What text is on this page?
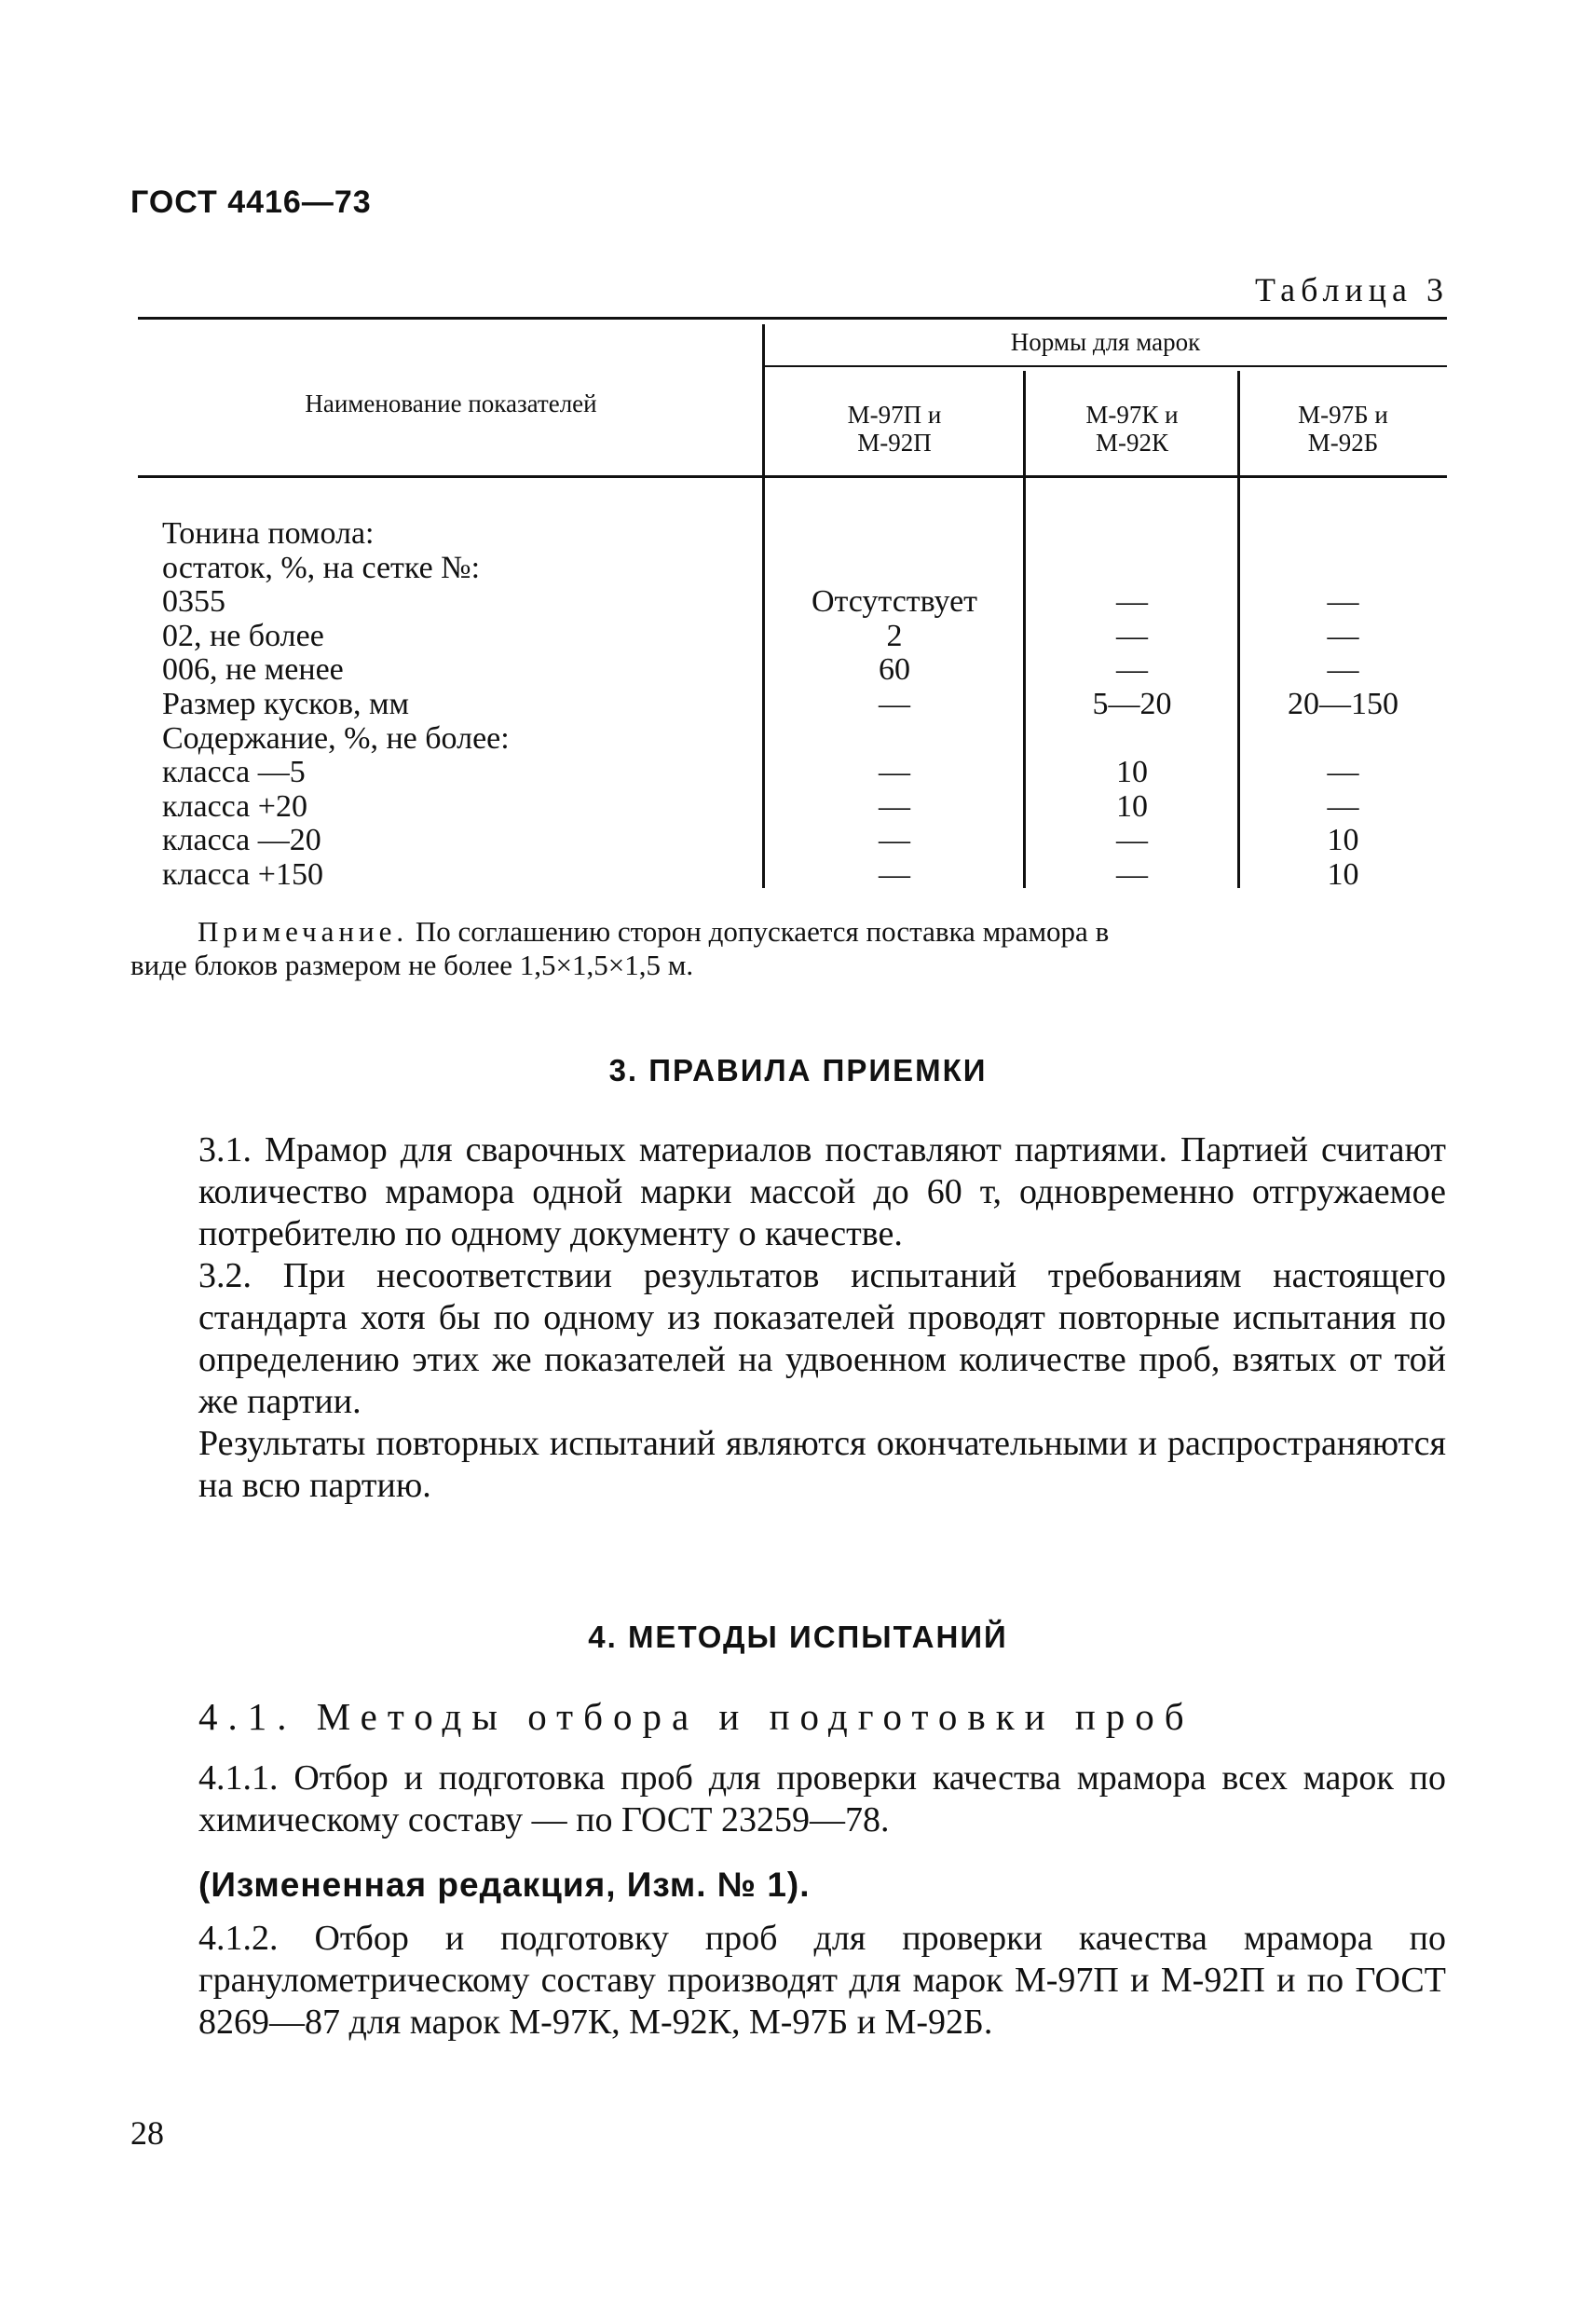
ГОСТ 4416—73
Таблица 3
Наименование показателей
Нормы для марок
М-97П и
М-92П
М-97К и
М-92К
М-97Б и
М-92Б
Тонина помола:
остаток, %, на сетке №:
0355
02, не более
006, не менее
Размер кусков, мм
Содержание, %, не более:
класса —5
класса +20
класса —20
класса +150
Отсутствует
2
60
—
—
—
—
—
—
—
—
5—20
10
10
—
—
—
—
—
20—150
—
—
10
10
Примечание. По соглашению сторон допускается поставка мрамора в
виде блоков размером не более 1,5×1,5×1,5 м.
3. ПРАВИЛА ПРИЕМКИ
3.1. Мрамор для сварочных материалов поставляют партиями. Партией считают количество мрамора одной марки массой до 60 т, одновременно отгружаемое потребителю по одному документу о качестве.
3.2. При несоответствии результатов испытаний требованиям настоящего стандарта хотя бы по одному из показателей проводят повторные испытания по определению этих же показателей на удвоенном количестве проб, взятых от той же партии.
Результаты повторных испытаний являются окончательными и распространяются на всю партию.
4. МЕТОДЫ ИСПЫТАНИЙ
4.1. Методы отбора и подготовки проб
4.1.1. Отбор и подготовка проб для проверки качества мрамора всех марок по химическому составу — по ГОСТ 23259—78.
(Измененная редакция, Изм. № 1).
4.1.2. Отбор и подготовку проб для проверки качества мрамора по гранулометрическому составу производят для марок М-97П и М-92П и по ГОСТ 8269—87 для марок М-97К, М-92К, М-97Б и М-92Б.
28
